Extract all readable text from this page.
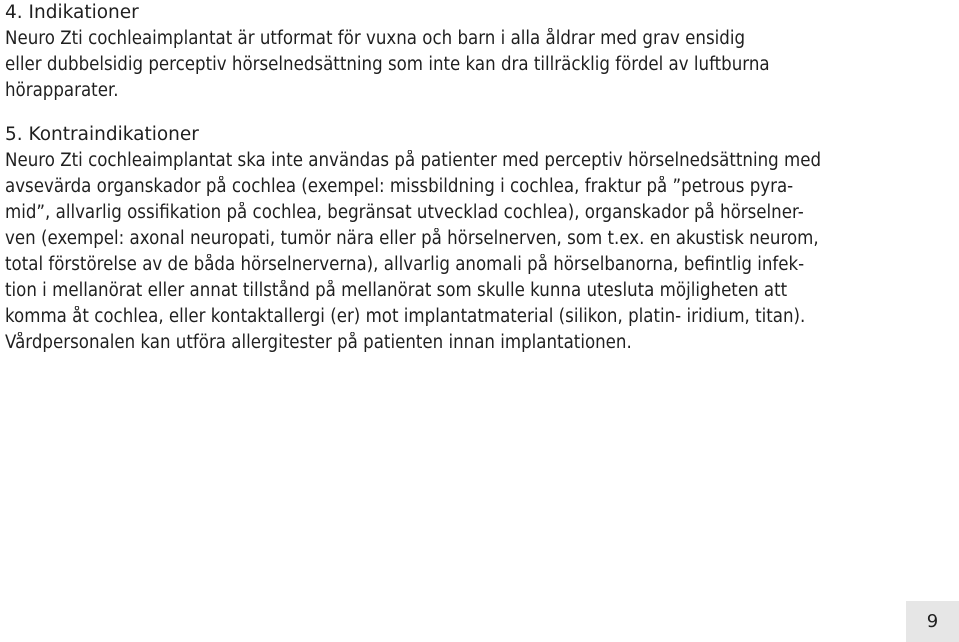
4. Indikationer

Neuro Zti cochleaimplantat är utformat för vuxna och barn i alla åldrar med grav ensidig

eller dubbelsidig perceptiv hörselnedsättning som inte kan dra tillräcklig fördel av luftburna

hörapparater.

5. Kontraindikationer

Neuro Zti cochleaimplantat ska inte användas på patienter med perceptiv hörselnedsättning med

avsevärda organskador på cochlea (exempel: missbildning i cochlea, fraktur på ”petrous pyra-

mid”, allvarlig ossifikation på cochlea, begränsat utvecklad cochlea), organskador på hörselner-

ven (exempel: axonal neuropati, tumör nära eller på hörselnerven, som t.ex. en akustisk neurom,

total förstörelse av de båda hörselnerverna), allvarlig anomali på hörselbanorna, befintlig infek-

tion i mellanörat eller annat tillstånd på mellanörat som skulle kunna utesluta möjligheten att

komma åt cochlea, eller kontaktallergi (er) mot implantatmaterial (silikon, platin- iridium, titan).

Vårdpersonalen kan utföra allergitester på patienten innan implantationen.

9
